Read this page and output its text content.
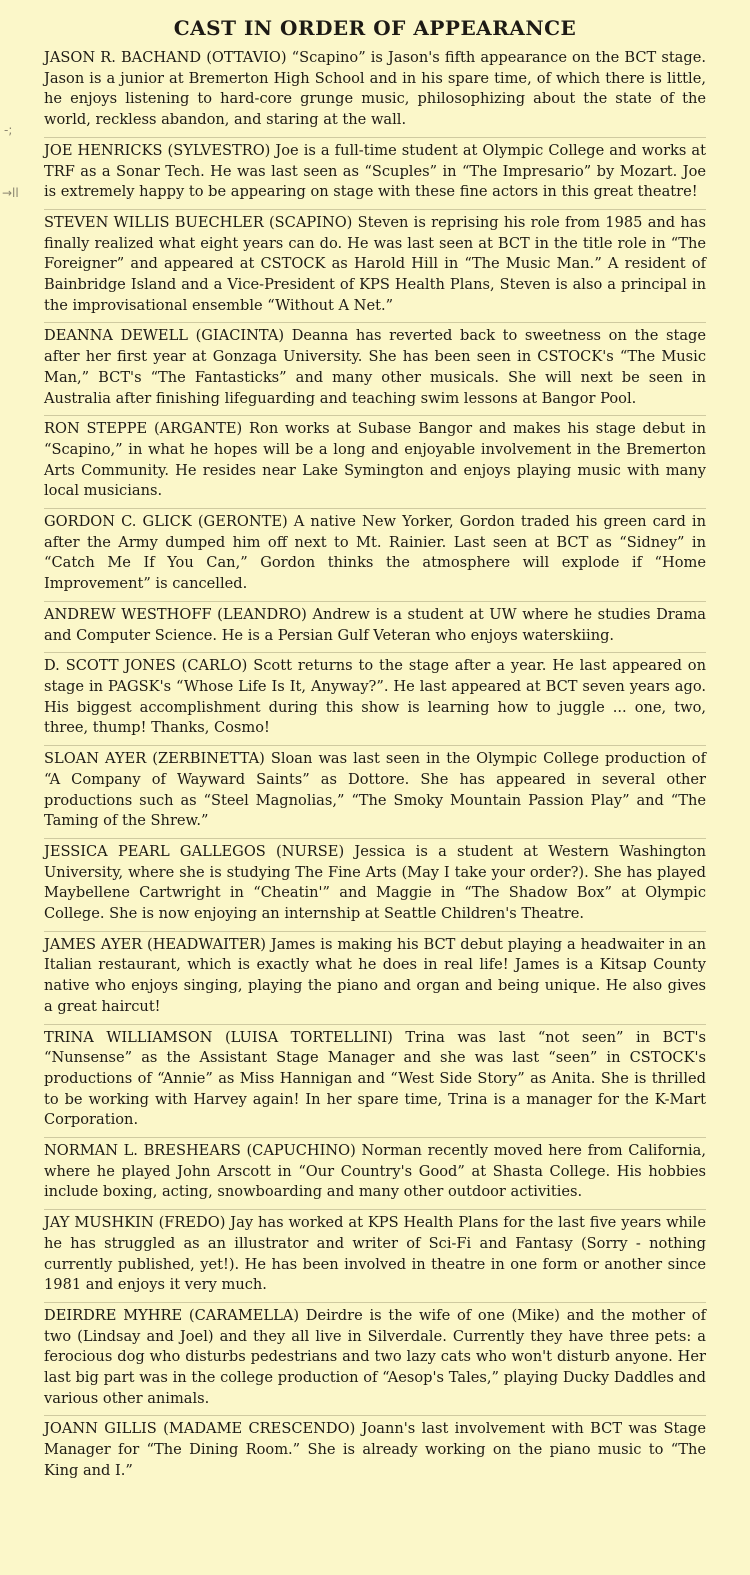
-;
→ll
CAST IN ORDER OF APPEARANCE

JASON R. BACHAND (OTTAVIO) “Scapino” is Jason's fifth appearance on the BCT stage. Jason is a junior at Bremerton High School and in his spare time, of which there is little, he enjoys listening to hard-core grunge music, philosophizing about the state of the world, reckless abandon, and staring at the wall.

JOE HENRICKS (SYLVESTRO) Joe is a full-time student at Olympic College and works at TRF as a Sonar Tech. He was last seen as “Scuples” in “The Impresario” by Mozart. Joe is extremely happy to be appearing on stage with these fine actors in this great theatre!

STEVEN WILLIS BUECHLER (SCAPINO) Steven is reprising his role from 1985 and has finally realized what eight years can do. He was last seen at BCT in the title role in “The Foreigner” and appeared at CSTOCK as Harold Hill in “The Music Man.” A resident of Bainbridge Island and a Vice-President of KPS Health Plans, Steven is also a principal in the improvisational ensemble “Without A Net.”

DEANNA DEWELL (GIACINTA) Deanna has reverted back to sweetness on the stage after her first year at Gonzaga University. She has been seen in CSTOCK's “The Music Man,” BCT's “The Fantasticks” and many other musicals. She will next be seen in Australia after finishing lifeguarding and teaching swim lessons at Bangor Pool.

RON STEPPE (ARGANTE) Ron works at Subase Bangor and makes his stage debut in “Scapino,” in what he hopes will be a long and enjoyable involvement in the Bremerton Arts Community. He resides near Lake Symington and enjoys playing music with many local musicians.

GORDON C. GLICK (GERONTE) A native New Yorker, Gordon traded his green card in after the Army dumped him off next to Mt. Rainier. Last seen at BCT as “Sidney” in “Catch Me If You Can,” Gordon thinks the atmosphere will explode if “Home Improvement” is cancelled.

ANDREW WESTHOFF (LEANDRO) Andrew is a student at UW where he studies Drama and Computer Science. He is a Persian Gulf Veteran who enjoys waterskiing.

D. SCOTT JONES (CARLO) Scott returns to the stage after a year. He last appeared on stage in PAGSK's “Whose Life Is It, Anyway?”. He last appeared at BCT seven years ago. His biggest accomplishment during this show is learning how to juggle ... one, two, three, thump! Thanks, Cosmo!

SLOAN AYER (ZERBINETTA) Sloan was last seen in the Olympic College production of “A Company of Wayward Saints” as Dottore. She has appeared in several other productions such as “Steel Magnolias,” “The Smoky Mountain Passion Play” and “The Taming of the Shrew.”

JESSICA PEARL GALLEGOS (NURSE) Jessica is a student at Western Washington University, where she is studying The Fine Arts (May I take your order?). She has played Maybellene Cartwright in “Cheatin'” and Maggie in “The Shadow Box” at Olympic College. She is now enjoying an internship at Seattle Children's Theatre.

JAMES AYER (HEADWAITER) James is making his BCT debut playing a headwaiter in an Italian restaurant, which is exactly what he does in real life! James is a Kitsap County native who enjoys singing, playing the piano and organ and being unique. He also gives a great haircut!

TRINA WILLIAMSON (LUISA TORTELLINI) Trina was last “not seen” in BCT's “Nunsense” as the Assistant Stage Manager and she was last “seen” in CSTOCK's productions of “Annie” as Miss Hannigan and “West Side Story” as Anita. She is thrilled to be working with Harvey again! In her spare time, Trina is a manager for the K-Mart Corporation.

NORMAN L. BRESHEARS (CAPUCHINO) Norman recently moved here from California, where he played John Arscott in “Our Country's Good” at Shasta College. His hobbies include boxing, acting, snowboarding and many other outdoor activities.

JAY MUSHKIN (FREDO) Jay has worked at KPS Health Plans for the last five years while he has struggled as an illustrator and writer of Sci-Fi and Fantasy (Sorry - nothing currently published, yet!). He has been involved in theatre in one form or another since 1981 and enjoys it very much.

DEIRDRE MYHRE (CARAMELLA) Deirdre is the wife of one (Mike) and the mother of two (Lindsay and Joel) and they all live in Silverdale. Currently they have three pets: a ferocious dog who disturbs pedestrians and two lazy cats who won't disturb anyone. Her last big part was in the college production of “Aesop's Tales,” playing Ducky Daddles and various other animals.

JOANN GILLIS (MADAME CRESCENDO) Joann's last involvement with BCT was Stage Manager for “The Dining Room.” She is already working on the piano music to “The King and I.”
